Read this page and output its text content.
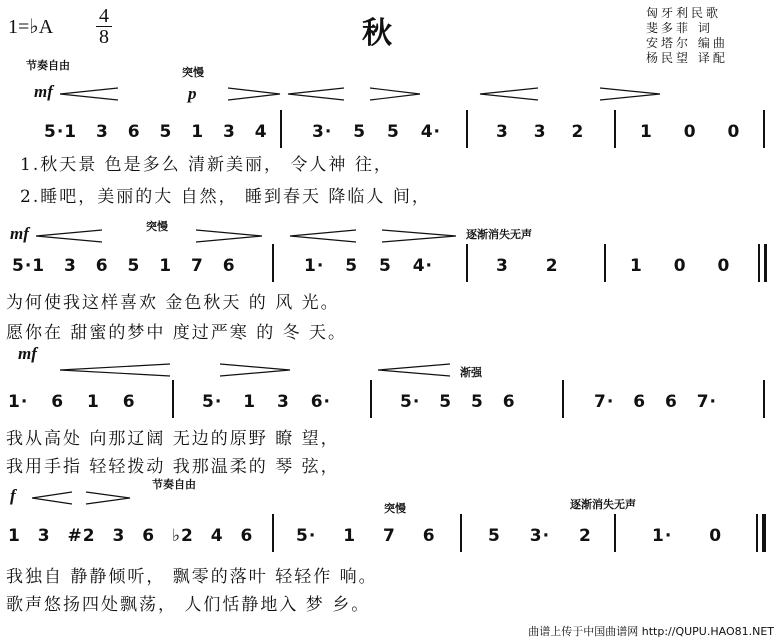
1=♭A 4
8	秋
匈牙利民歌
斐多菲 词
安塔尔 编曲
杨民望 译配
节奏自由
突慢
mf	p
5·1 3 6 5 1 3 4	3· 5 5 4·	3 3 2	1 0 0
1.秋天景 色是多么 清新美丽， 令人神 往，
2.睡吧，美丽的大 自然， 睡到春天 降临人 间，
突慢
逐渐消失无声
mf
5·1 3 6 5 1 7 6	1· 5 5 4·	3 2	1 0 0
为何使我这样喜欢 金色秋天 的 风 光。
愿你在 甜蜜的梦中 度过严寒 的 冬 天。
mf
渐强
1· 6 1 6	5· 1 3 6·	5· 5 5 6	7· 6 6 7·
我从高处 向那辽阔 无边的原野 瞭 望，
我用手指 轻轻拨动 我那温柔的 琴 弦，
节奏自由
突慢	逐渐消失无声
f
1 3 #2 3 6 ♭2 4 6	5· 1 7 6	5 3· 2	1· 0
我独自 静静倾听， 飘零的落叶 轻轻作 响。
歌声悠扬四处飘荡， 人们恬静地入 梦 乡。
曲谱上传于中国曲谱网 http://QUPU.HAO81.NET
